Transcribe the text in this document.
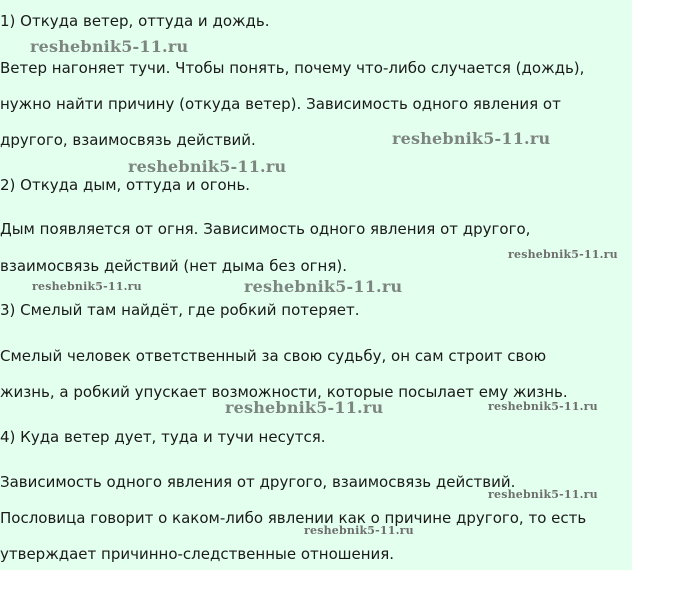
1) Откуда ветер, оттуда и дождь.

Ветер нагоняет тучи. Чтобы понять, почему что-либо случается (дождь),

нужно найти причину (откуда ветер). Зависимость одного явления от

другого, взаимосвязь действий.

2) Откуда дым, оттуда и огонь.

Дым появляется от огня. Зависимость одного явления от другого,

взаимосвязь действий (нет дыма без огня).

3) Смелый там найдёт, где робкий потеряет.

Смелый человек ответственный за свою судьбу, он сам строит свою

жизнь, а робкий упускает возможности, которые посылает ему жизнь.

4) Куда ветер дует, туда и тучи несутся.

Зависимость одного явления от другого, взаимосвязь действий.

Пословица говорит о каком-либо явлении как о причине другого, то есть

утверждает причинно-следственные отношения.

reshebnik5-11.ru
reshebnik5-11.ru
reshebnik5-11.ru
reshebnik5-11.ru
reshebnik5-11.ru	reshebnik5-11.ru
reshebnik5-11.ru	reshebnik5-11.ru
reshebnik5-11.ru
reshebnik5-11.ru
